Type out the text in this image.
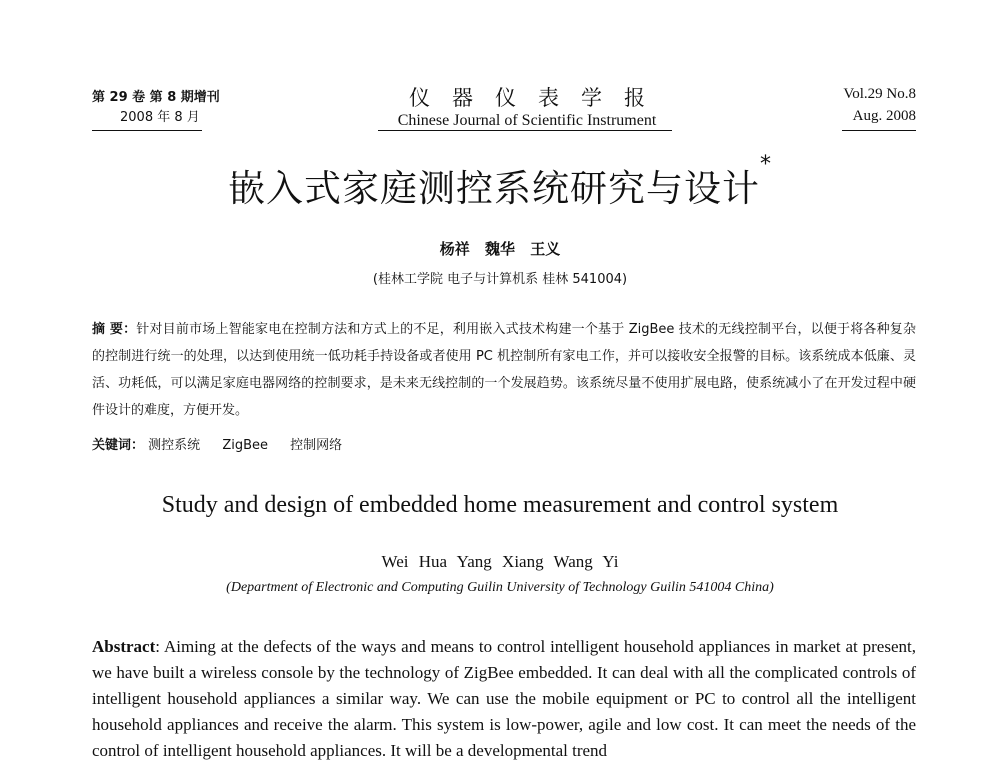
第 29 卷 第 8 期增刊
2008 年 8 月
仪器仪表学报
Chinese Journal of Scientific Instrument
Vol.29 No.8
Aug. 2008
嵌入式家庭测控系统研究与设计*
杨祥 魏华 王义
(桂林工学院 电子与计算机系 桂林 541004)
摘 要：针对目前市场上智能家电在控制方法和方式上的不足，利用嵌入式技术构建一个基于 ZigBee 技术的无线控制平台，以便于将各种复杂的控制进行统一的处理，以达到使用统一低功耗手持设备或者使用 PC 机控制所有家电工作，并可以接收安全报警的目标。该系统成本低廉、灵活、功耗低，可以满足家庭电器网络的控制要求，是未来无线控制的一个发展趋势。该系统尽量不使用扩展电路，使系统减小了在开发过程中硬件设计的难度，方便开发。
关键词： 测控系统 ZigBee 控制网络
Study and design of embedded home measurement and control system
Wei Hua Yang Xiang Wang Yi
(Department of Electronic and Computing Guilin University of Technology Guilin 541004 China)
Abstract: Aiming at the defects of the ways and means to control intelligent household appliances in market at present, we have built a wireless console by the technology of ZigBee embedded. It can deal with all the complicated controls of intelligent household appliances a similar way. We can use the mobile equipment or PC to control all the intelligent household appliances and receive the alarm. This system is low-power, agile and low cost. It can meet the needs of the control of intelligent household appliances. It will be a developmental trend
